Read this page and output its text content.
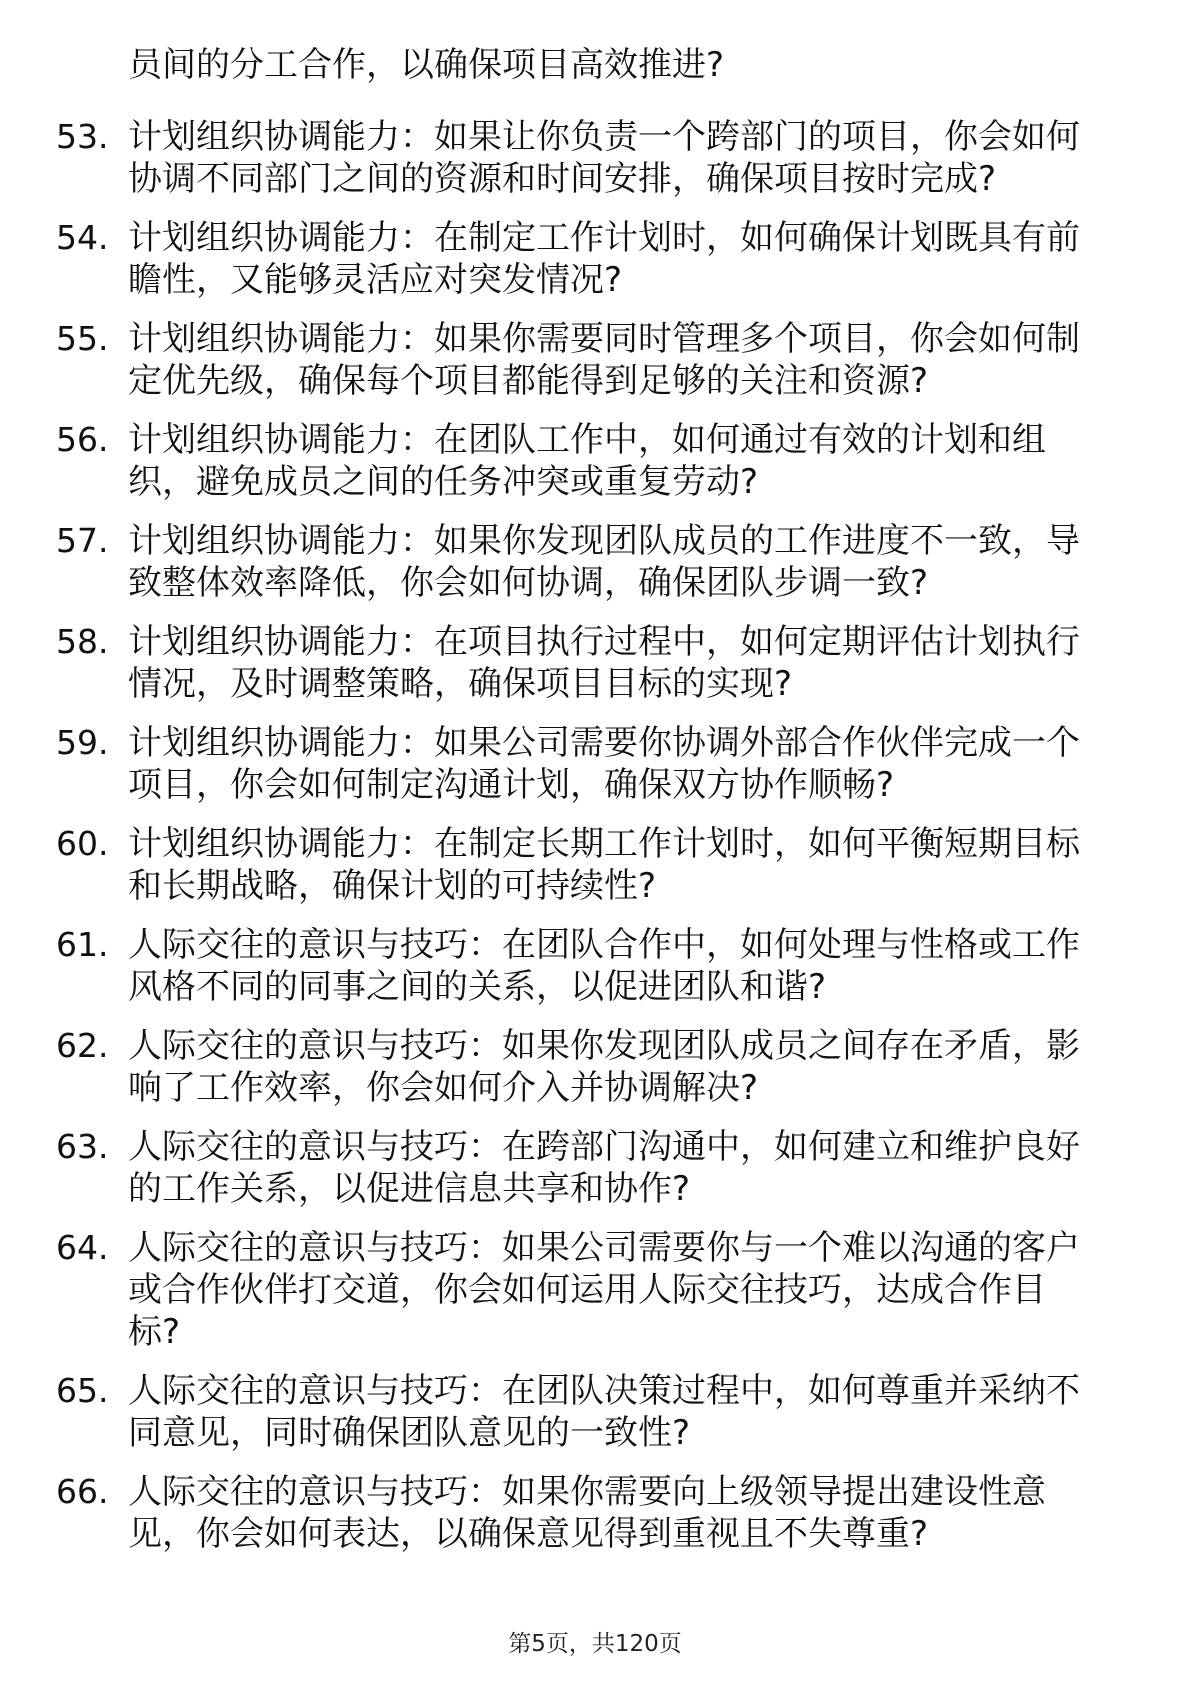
员间的分工合作，以确保项目高效推进?
53. 计划组织协调能力：如果让你负责一个跨部门的项目，你会如何
协调不同部门之间的资源和时间安排，确保项目按时完成?
54. 计划组织协调能力：在制定工作计划时，如何确保计划既具有前
瞻性，又能够灵活应对突发情况?
55. 计划组织协调能力：如果你需要同时管理多个项目，你会如何制
定优先级，确保每个项目都能得到足够的关注和资源?
56. 计划组织协调能力：在团队工作中，如何通过有效的计划和组
织，避免成员之间的任务冲突或重复劳动?
57. 计划组织协调能力：如果你发现团队成员的工作进度不一致，导
致整体效率降低，你会如何协调，确保团队步调一致?
58. 计划组织协调能力：在项目执行过程中，如何定期评估计划执行
情况，及时调整策略，确保项目目标的实现?
59. 计划组织协调能力：如果公司需要你协调外部合作伙伴完成一个
项目，你会如何制定沟通计划，确保双方协作顺畅?
60. 计划组织协调能力：在制定长期工作计划时，如何平衡短期目标
和长期战略，确保计划的可持续性?
61. 人际交往的意识与技巧：在团队合作中，如何处理与性格或工作
风格不同的同事之间的关系，以促进团队和谐?
62. 人际交往的意识与技巧：如果你发现团队成员之间存在矛盾，影
响了工作效率，你会如何介入并协调解决?
63. 人际交往的意识与技巧：在跨部门沟通中，如何建立和维护良好
的工作关系，以促进信息共享和协作?
64. 人际交往的意识与技巧：如果公司需要你与一个难以沟通的客户
或合作伙伴打交道，你会如何运用人际交往技巧，达成合作目
标?
65. 人际交往的意识与技巧：在团队决策过程中，如何尊重并采纳不
同意见，同时确保团队意见的一致性?
66. 人际交往的意识与技巧：如果你需要向上级领导提出建设性意
见，你会如何表达，以确保意见得到重视且不失尊重?
第5页，共120页
